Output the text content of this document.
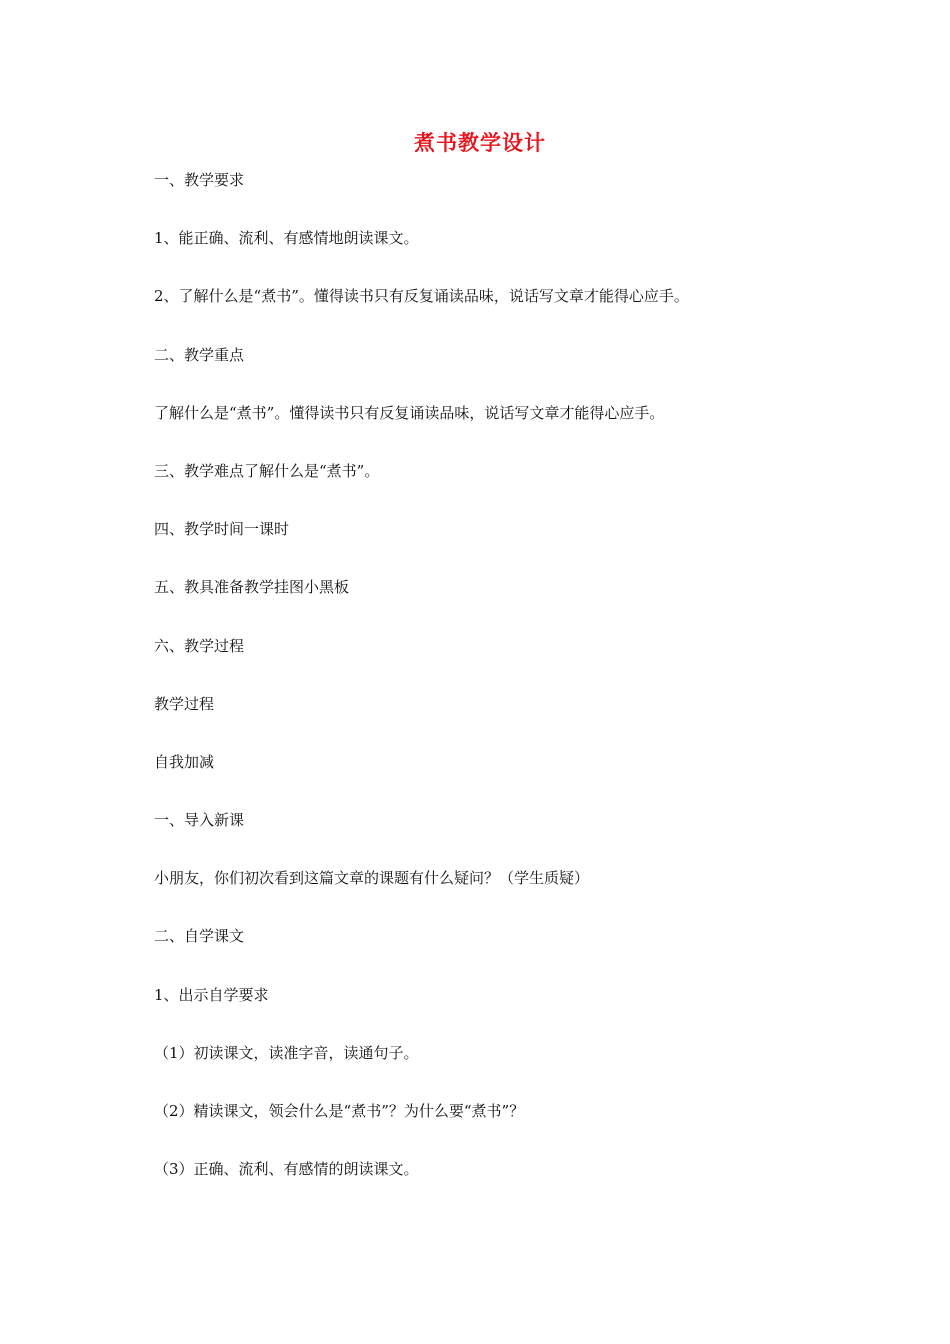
煮书教学设计
一、教学要求
1、能正确、流利、有感情地朗读课文。
2、了解什么是“煮书”。懂得读书只有反复诵读品味，说话写文章才能得心应手。
二、教学重点
了解什么是“煮书”。懂得读书只有反复诵读品味，说话写文章才能得心应手。
三、教学难点了解什么是“煮书”。
四、教学时间一课时
五、教具准备教学挂图小黑板
六、教学过程
教学过程
自我加减
一、导入新课
小朋友，你们初次看到这篇文章的课题有什么疑问？（学生质疑）
二、自学课文
1、出示自学要求
（1）初读课文，读准字音，读通句子。
（2）精读课文，领会什么是“煮书”？为什么要“煮书”？
（3）正确、流利、有感情的朗读课文。
